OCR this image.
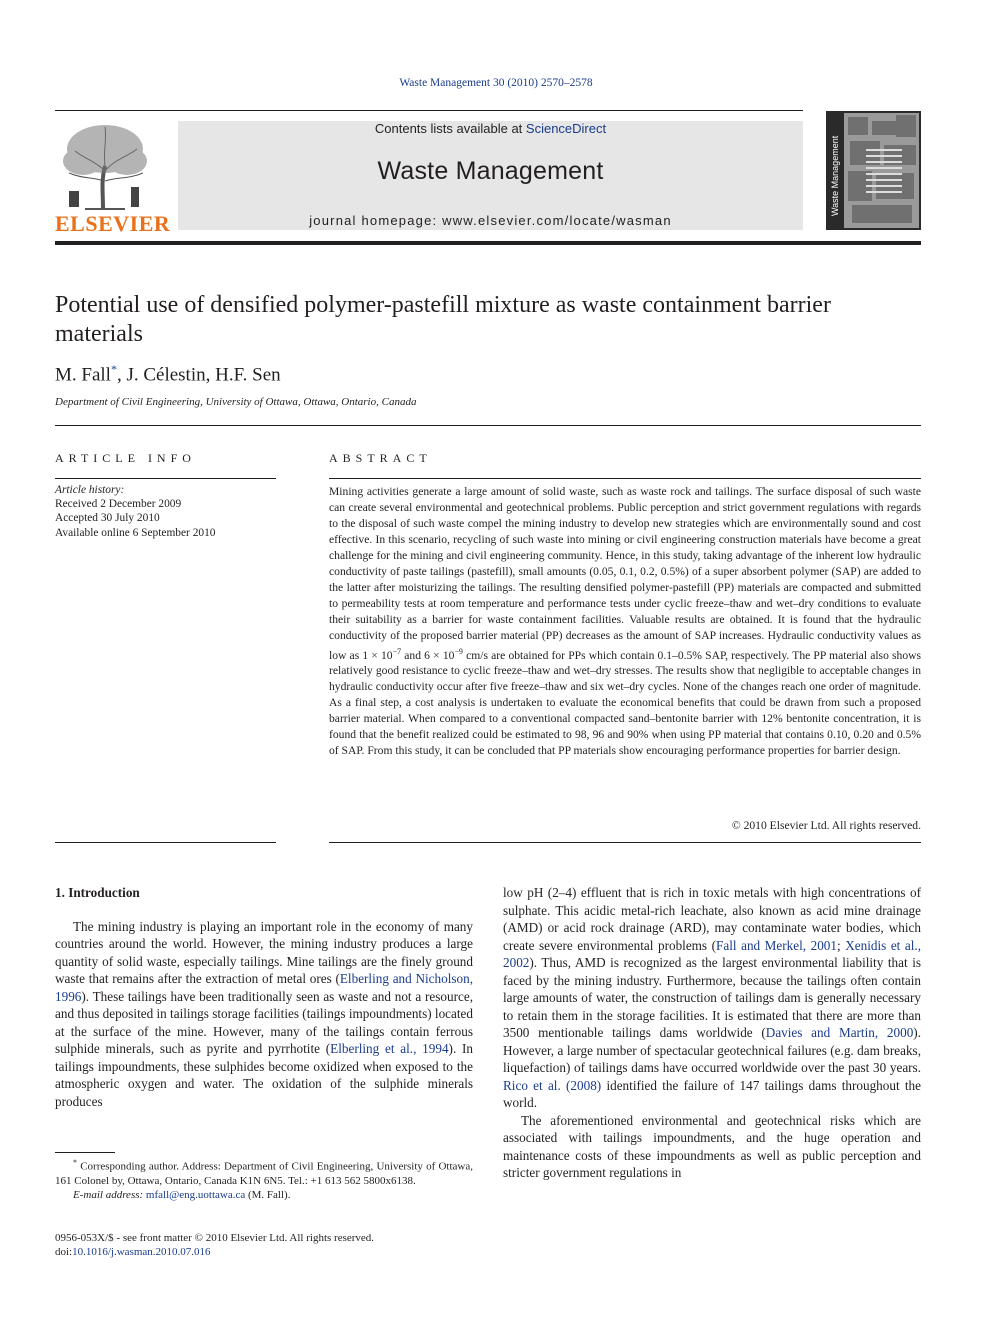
Waste Management 30 (2010) 2570–2578
ELSEVIER
Contents lists available at ScienceDirect
Waste Management
journal homepage: www.elsevier.com/locate/wasman
Waste Management
Potential use of densified polymer-pastefill mixture as waste containment barrier materials
M. Fall*, J. Célestin, H.F. Sen
Department of Civil Engineering, University of Ottawa, Ottawa, Ontario, Canada
ARTICLE INFO
Article history:
Received 2 December 2009
Accepted 30 July 2010
Available online 6 September 2010
ABSTRACT
Mining activities generate a large amount of solid waste, such as waste rock and tailings. The surface disposal of such waste can create several environmental and geotechnical problems. Public perception and strict government regulations with regards to the disposal of such waste compel the mining industry to develop new strategies which are environmentally sound and cost effective. In this scenario, recycling of such waste into mining or civil engineering construction materials have become a great challenge for the mining and civil engineering community. Hence, in this study, taking advantage of the inherent low hydraulic conductivity of paste tailings (pastefill), small amounts (0.05, 0.1, 0.2, 0.5%) of a super absorbent polymer (SAP) are added to the latter after moisturizing the tailings. The resulting densified polymer-pastefill (PP) materials are compacted and submitted to permeability tests at room temperature and performance tests under cyclic freeze–thaw and wet–dry conditions to evaluate their suitability as a barrier for waste containment facilities. Valuable results are obtained. It is found that the hydraulic conductivity of the proposed barrier material (PP) decreases as the amount of SAP increases. Hydraulic conductivity values as low as $1 \times 10^{-7}$ and $6 \times 10^{-9}$ cm/s are obtained for PPs which contain 0.1–0.5% SAP, respectively. The PP material also shows relatively good resistance to cyclic freeze–thaw and wet–dry stresses. The results show that negligible to acceptable changes in hydraulic conductivity occur after five freeze–thaw and six wet–dry cycles. None of the changes reach one order of magnitude. As a final step, a cost analysis is undertaken to evaluate the economical benefits that could be drawn from such a proposed barrier material. When compared to a conventional compacted sand–bentonite barrier with 12% bentonite concentration, it is found that the benefit realized could be estimated to 98, 96 and 90% when using PP material that contains 0.10, 0.20 and 0.5% of SAP. From this study, it can be concluded that PP materials show encouraging performance properties for barrier design.
© 2010 Elsevier Ltd. All rights reserved.

1. Introduction

The mining industry is playing an important role in the economy of many countries around the world. However, the mining industry produces a large quantity of solid waste, especially tailings. Mine tailings are the finely ground waste that remains after the extraction of metal ores (Elberling and Nicholson, 1996). These tailings have been traditionally seen as waste and not a resource, and thus deposited in tailings storage facilities (tailings impoundments) located at the surface of the mine. However, many of the tailings contain ferrous sulphide minerals, such as pyrite and pyrrhotite (Elberling et al., 1994). In tailings impoundments, these sulphides become oxidized when exposed to the atmospheric oxygen and water. The oxidation of the sulphide minerals produces

low pH (2–4) effluent that is rich in toxic metals with high concentrations of sulphate. This acidic metal-rich leachate, also known as acid mine drainage (AMD) or acid rock drainage (ARD), may contaminate water bodies, which create severe environmental problems (Fall and Merkel, 2001; Xenidis et al., 2002). Thus, AMD is recognized as the largest environmental liability that is faced by the mining industry. Furthermore, because the tailings often contain large amounts of water, the construction of tailings dam is generally necessary to retain them in the storage facilities. It is estimated that there are more than 3500 mentionable tailings dams worldwide (Davies and Martin, 2000). However, a large number of spectacular geotechnical failures (e.g. dam breaks, liquefaction) of tailings dams have occurred worldwide over the past 30 years. Rico et al. (2008) identified the failure of 147 tailings dams throughout the world.

The aforementioned environmental and geotechnical risks which are associated with tailings impoundments, and the huge operation and maintenance costs of these impoundments as well as public perception and stricter government regulations in

* Corresponding author. Address: Department of Civil Engineering, University of Ottawa, 161 Colonel by, Ottawa, Ontario, Canada K1N 6N5. Tel.: +1 613 562 5800x6138.
E-mail address: mfall@eng.uottawa.ca (M. Fall).
0956-053X/$ - see front matter © 2010 Elsevier Ltd. All rights reserved.
doi:10.1016/j.wasman.2010.07.016
